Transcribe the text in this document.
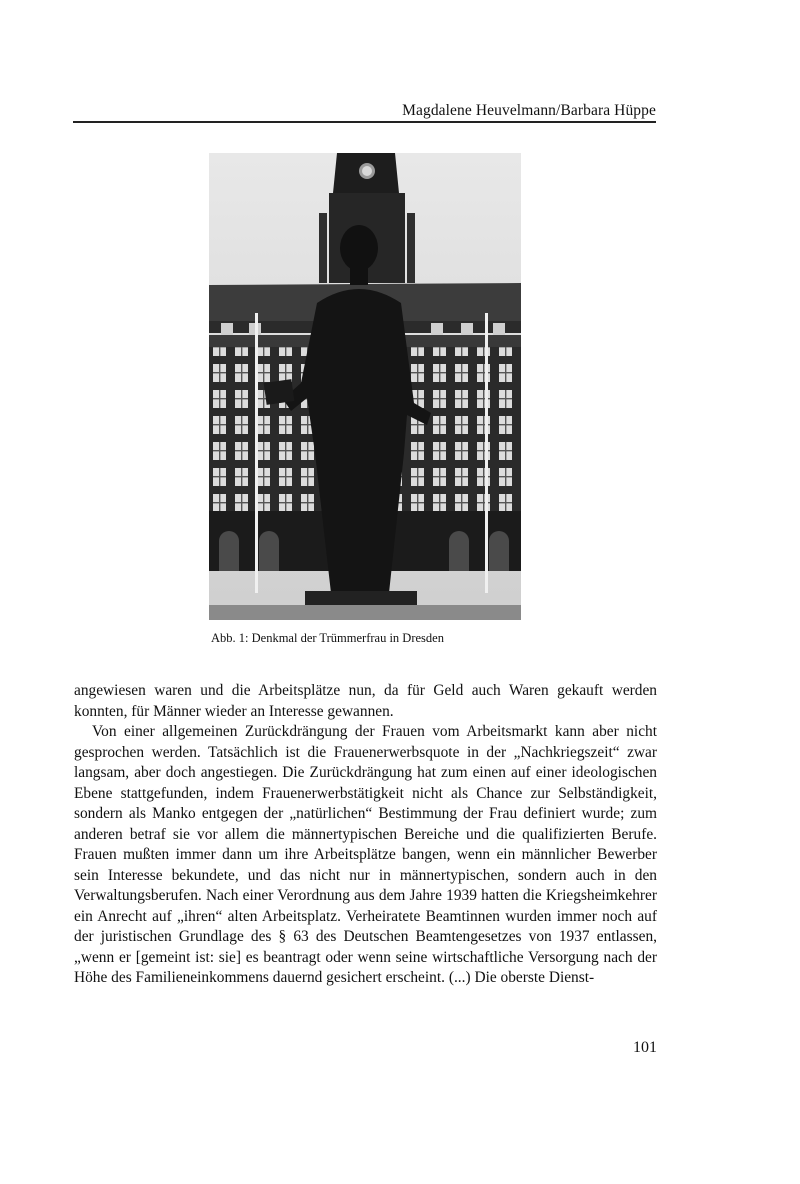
Magdalene Heuvelmann/Barbara Hüppe
Abb. 1: Denkmal der Trümmerfrau in Dresden

angewiesen waren und die Arbeitsplätze nun, da für Geld auch Waren gekauft werden konnten, für Männer wieder an Interesse gewannen.

Von einer allgemeinen Zurückdrängung der Frauen vom Arbeitsmarkt kann aber nicht gesprochen werden. Tatsächlich ist die Frauenerwerbsquote in der „Nachkriegszeit“ zwar langsam, aber doch angestiegen. Die Zurückdrängung hat zum einen auf einer ideologischen Ebene stattgefunden, indem Frauenerwerbstätigkeit nicht als Chance zur Selbständigkeit, sondern als Manko entgegen der „natürlichen“ Bestimmung der Frau definiert wurde; zum anderen betraf sie vor allem die männertypischen Bereiche und die qualifizierten Berufe. Frauen mußten immer dann um ihre Arbeitsplätze bangen, wenn ein männlicher Bewerber sein Interesse bekundete, und das nicht nur in männertypischen, sondern auch in den Verwaltungsberufen. Nach einer Verordnung aus dem Jahre 1939 hatten die Kriegsheimkehrer ein Anrecht auf „ihren“ alten Arbeitsplatz. Verheiratete Beamtinnen wurden immer noch auf der juristischen Grundlage des § 63 des Deutschen Beamtengesetzes von 1937 entlassen, „wenn er [gemeint ist: sie] es beantragt oder wenn seine wirtschaftliche Versorgung nach der Höhe des Familieneinkommens dauernd gesichert erscheint. (...) Die oberste Dienst-

101
